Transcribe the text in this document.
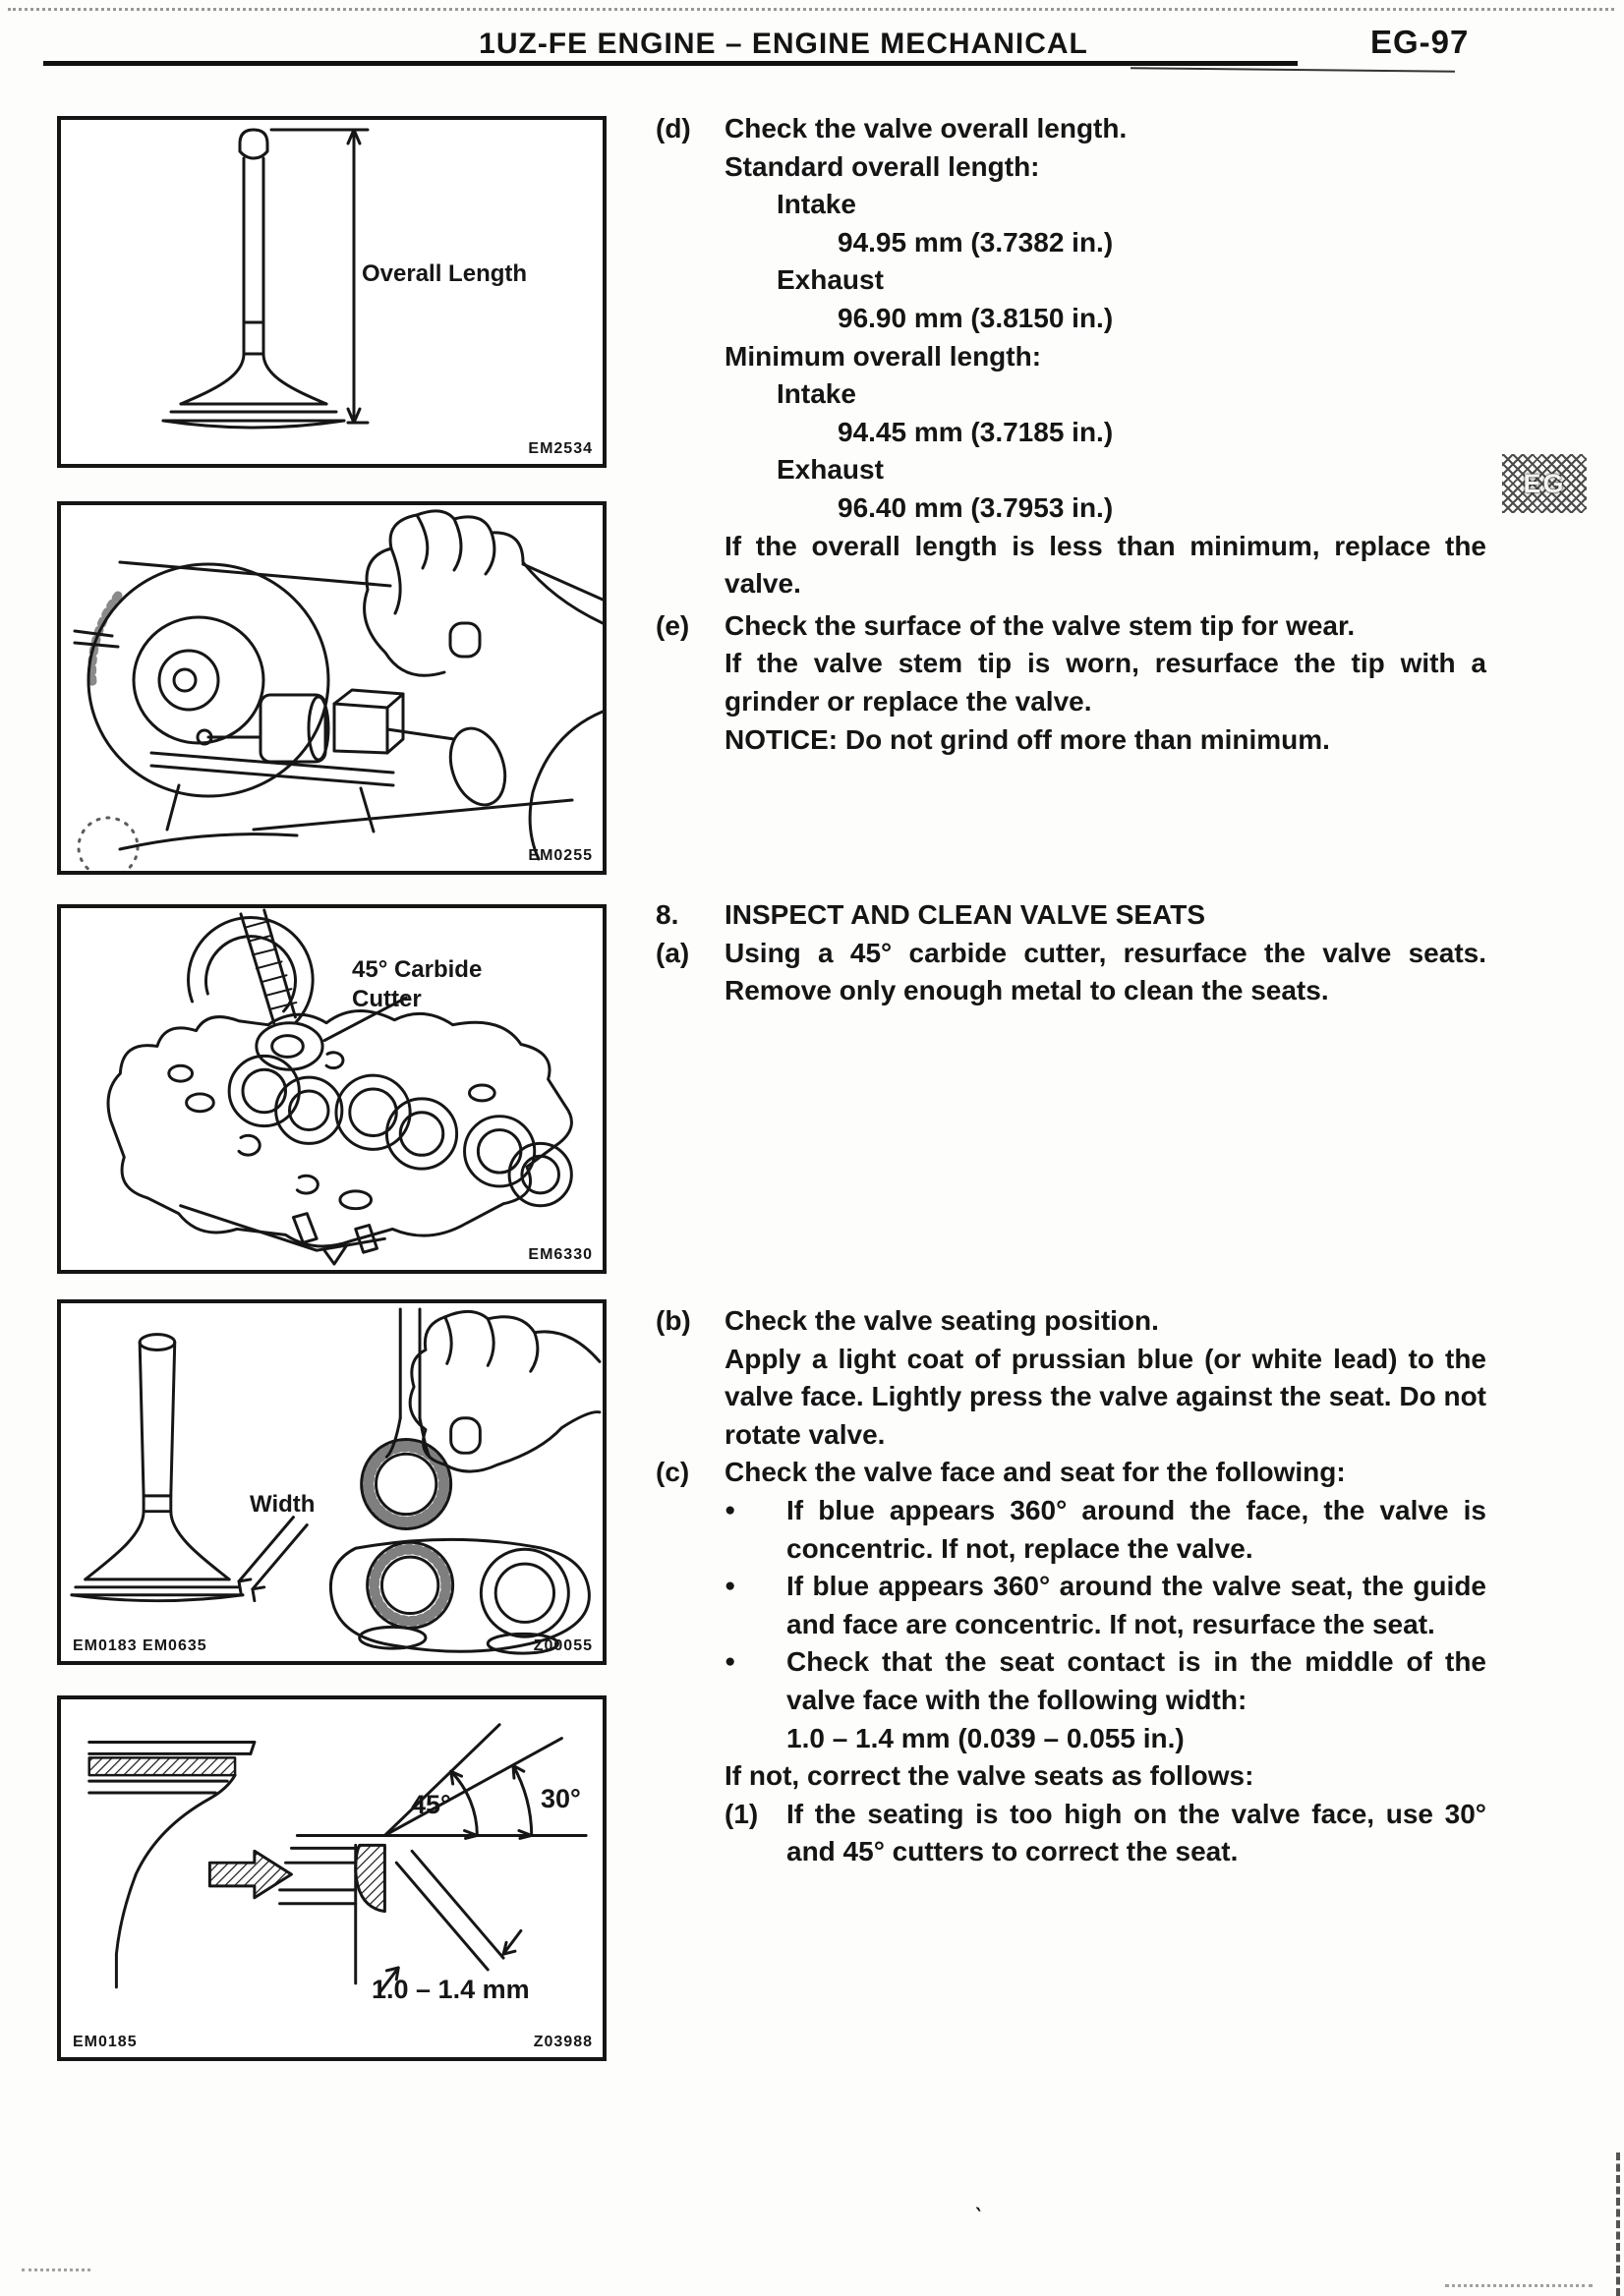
`
1UZ-FE ENGINE – ENGINE MECHANICAL	EG-97
EG
Overall Length
EM2534
EM0255
45° Carbide Cutter
EM6330
Width
EM0183 EM0635	Z00055
45°	30°
1.0 – 1.4 mm
EM0185	Z03988
(d) Check the valve overall length.
Standard overall length:
Intake
94.95 mm (3.7382 in.)
Exhaust
96.90 mm (3.8150 in.)
Minimum overall length:
Intake
94.45 mm (3.7185 in.)
Exhaust
96.40 mm (3.7953 in.)
If the overall length is less than minimum, replace the valve.
(e) Check the surface of the valve stem tip for wear.
If the valve stem tip is worn, resurface the tip with a grinder or replace the valve.
NOTICE: Do not grind off more than minimum.
8. INSPECT AND CLEAN VALVE SEATS
(a) Using a 45° carbide cutter, resurface the valve seats. Remove only enough metal to clean the seats.
(b) Check the valve seating position.
Apply a light coat of prussian blue (or white lead) to the valve face. Lightly press the valve against the seat. Do not rotate valve.
(c) Check the valve face and seat for the following:
● If blue appears 360° around the face, the valve is concentric. If not, replace the valve.
● If blue appears 360° around the valve seat, the guide and face are concentric. If not, resurface the seat.
● Check that the seat contact is in the middle of the valve face with the following width:
1.0 – 1.4 mm (0.039 – 0.055 in.)
If not, correct the valve seats as follows:
(1) If the seating is too high on the valve face, use 30° and 45° cutters to correct the seat.
